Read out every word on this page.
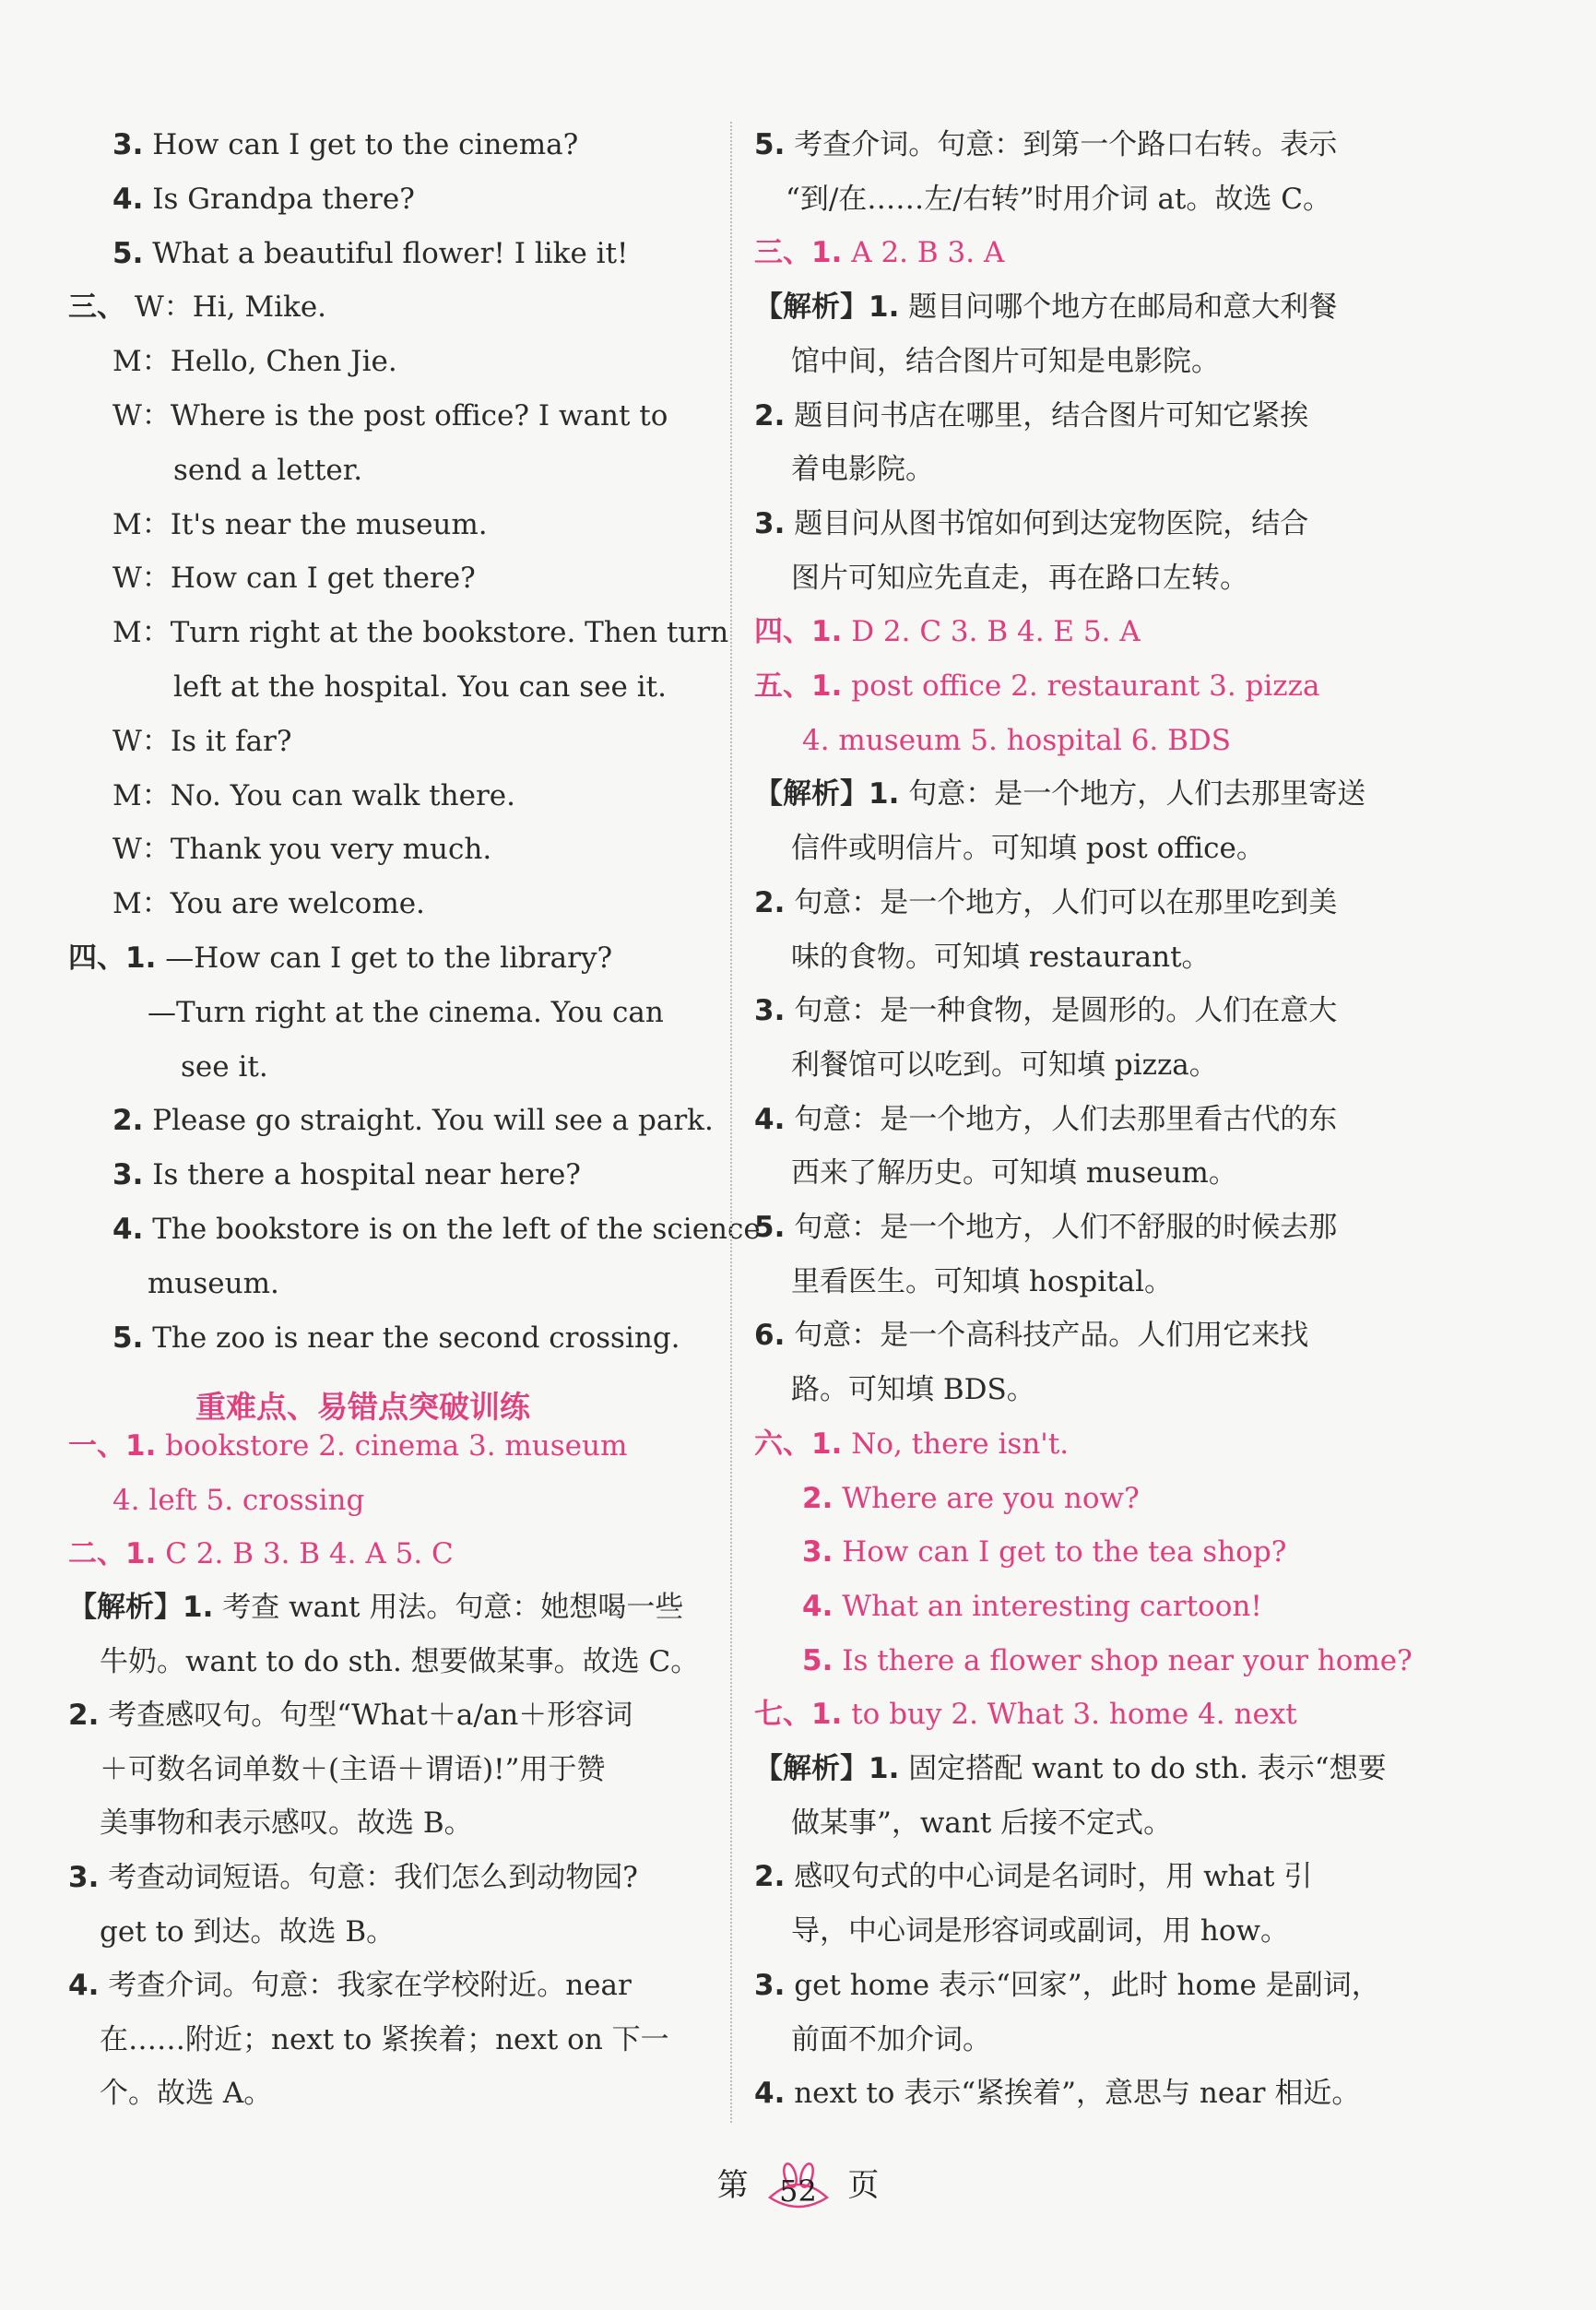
3. How can I get to the cinema?
4. Is Grandpa there?
5. What a beautiful flower! I like it!
三、 W：Hi, Mike.
M：Hello, Chen Jie.
W：Where is the post office? I want to
send a letter.
M：It's near the museum.
W：How can I get there?
M：Turn right at the bookstore. Then turn
left at the hospital. You can see it.
W：Is it far?
M：No. You can walk there.
W：Thank you very much.
M：You are welcome.
四、1. —How can I get to the library?
—Turn right at the cinema. You can
see it.
2. Please go straight. You will see a park.
3. Is there a hospital near here?
4. The bookstore is on the left of the science
museum.
5. The zoo is near the second crossing.
一、1. bookstore 2. cinema 3. museum
4. left 5. crossing
二、1. C 2. B 3. B 4. A 5. C
【解析】1. 考查 want 用法。句意：她想喝一些
牛奶。want to do sth. 想要做某事。故选 C。
2. 考查感叹句。句型“What＋a/an＋形容词
＋可数名词单数＋(主语＋谓语)!”用于赞
美事物和表示感叹。故选 B。
3. 考查动词短语。句意：我们怎么到动物园?
get to 到达。故选 B。
4. 考查介词。句意：我家在学校附近。near
在……附近；next to 紧挨着；next on 下一
个。故选 A。
5. 考查介词。句意：到第一个路口右转。表示
“到/在……左/右转”时用介词 at。故选 C。
三、1. A 2. B 3. A
【解析】1. 题目问哪个地方在邮局和意大利餐
馆中间，结合图片可知是电影院。
2. 题目问书店在哪里，结合图片可知它紧挨
着电影院。
3. 题目问从图书馆如何到达宠物医院，结合
图片可知应先直走，再在路口左转。
四、1. D 2. C 3. B 4. E 5. A
五、1. post office 2. restaurant 3. pizza
4. museum 5. hospital 6. BDS
【解析】1. 句意：是一个地方，人们去那里寄送
信件或明信片。可知填 post office。
2. 句意：是一个地方，人们可以在那里吃到美
味的食物。可知填 restaurant。
3. 句意：是一种食物，是圆形的。人们在意大
利餐馆可以吃到。可知填 pizza。
4. 句意：是一个地方，人们去那里看古代的东
西来了解历史。可知填 museum。
5. 句意：是一个地方，人们不舒服的时候去那
里看医生。可知填 hospital。
6. 句意：是一个高科技产品。人们用它来找
路。可知填 BDS。
六、1. No, there isn't.
2. Where are you now?
3. How can I get to the tea shop?
4. What an interesting cartoon!
5. Is there a flower shop near your home?
七、1. to buy 2. What 3. home 4. next
【解析】1. 固定搭配 want to do sth. 表示“想要
做某事”，want 后接不定式。
2. 感叹句式的中心词是名词时，用 what 引
导，中心词是形容词或副词，用 how。
3. get home 表示“回家”，此时 home 是副词，
前面不加介词。
4. next to 表示“紧挨着”，意思与 near 相近。
重难点、易错点突破训练
第	52 页
